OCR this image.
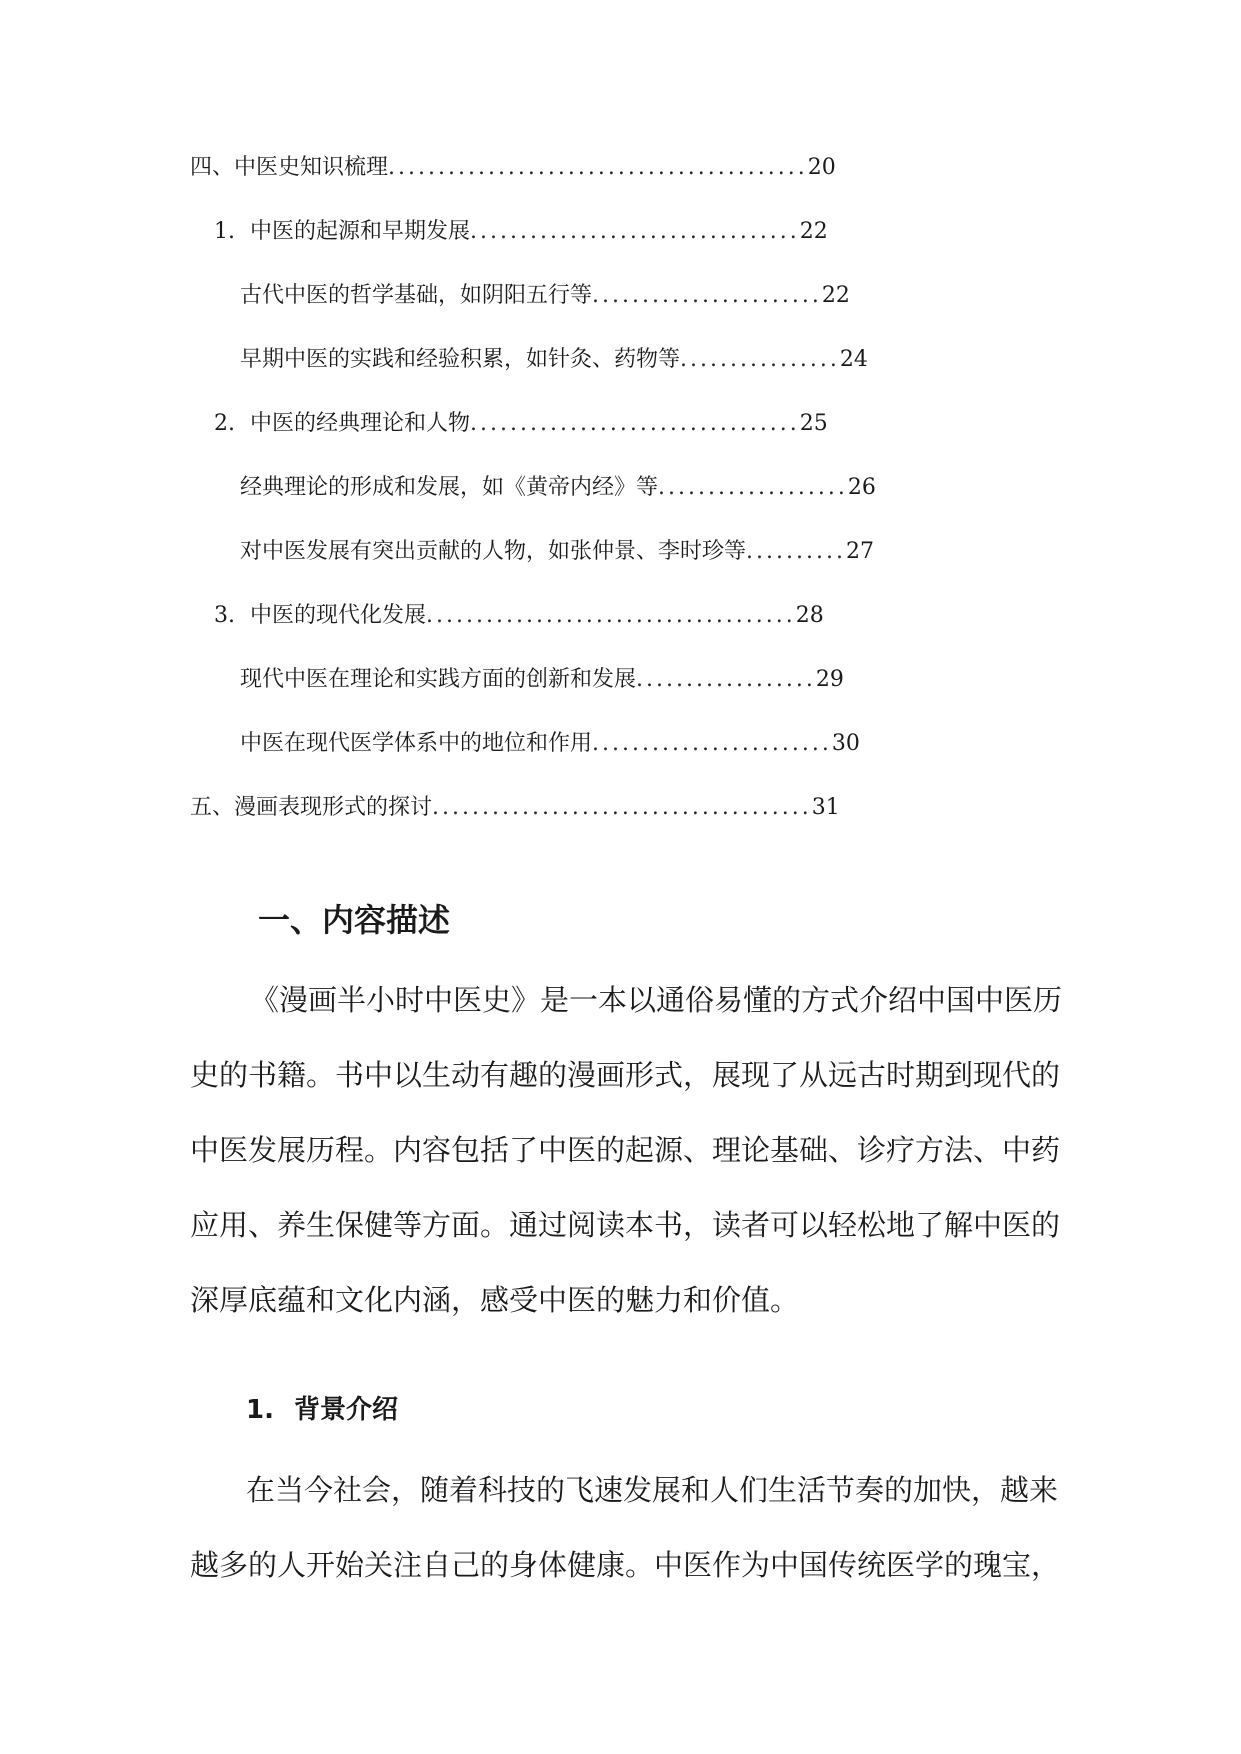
四、中医史知识梳理..........................................20
1. 中医的起源和早期发展.................................22
古代中医的哲学基础，如阴阳五行等.......................22
早期中医的实践和经验积累，如针灸、药物等................24
2. 中医的经典理论和人物.................................25
经典理论的形成和发展，如《黄帝内经》等...................26
对中医发展有突出贡献的人物，如张仲景、李时珍等..........27
3. 中医的现代化发展.....................................28
现代中医在理论和实践方面的创新和发展..................29
中医在现代医学体系中的地位和作用........................30
五、漫画表现形式的探讨......................................31
一、内容描述
《漫画半小时中医史》是一本以通俗易懂的方式介绍中国中医历
史的书籍。书中以生动有趣的漫画形式，展现了从远古时期到现代的
中医发展历程。内容包括了中医的起源、理论基础、诊疗方法、中药
应用、养生保健等方面。通过阅读本书，读者可以轻松地了解中医的
深厚底蕴和文化内涵，感受中医的魅力和价值。
1. 背景介绍
在当今社会，随着科技的飞速发展和人们生活节奏的加快，越来
越多的人开始关注自己的身体健康。中医作为中国传统医学的瑰宝，
